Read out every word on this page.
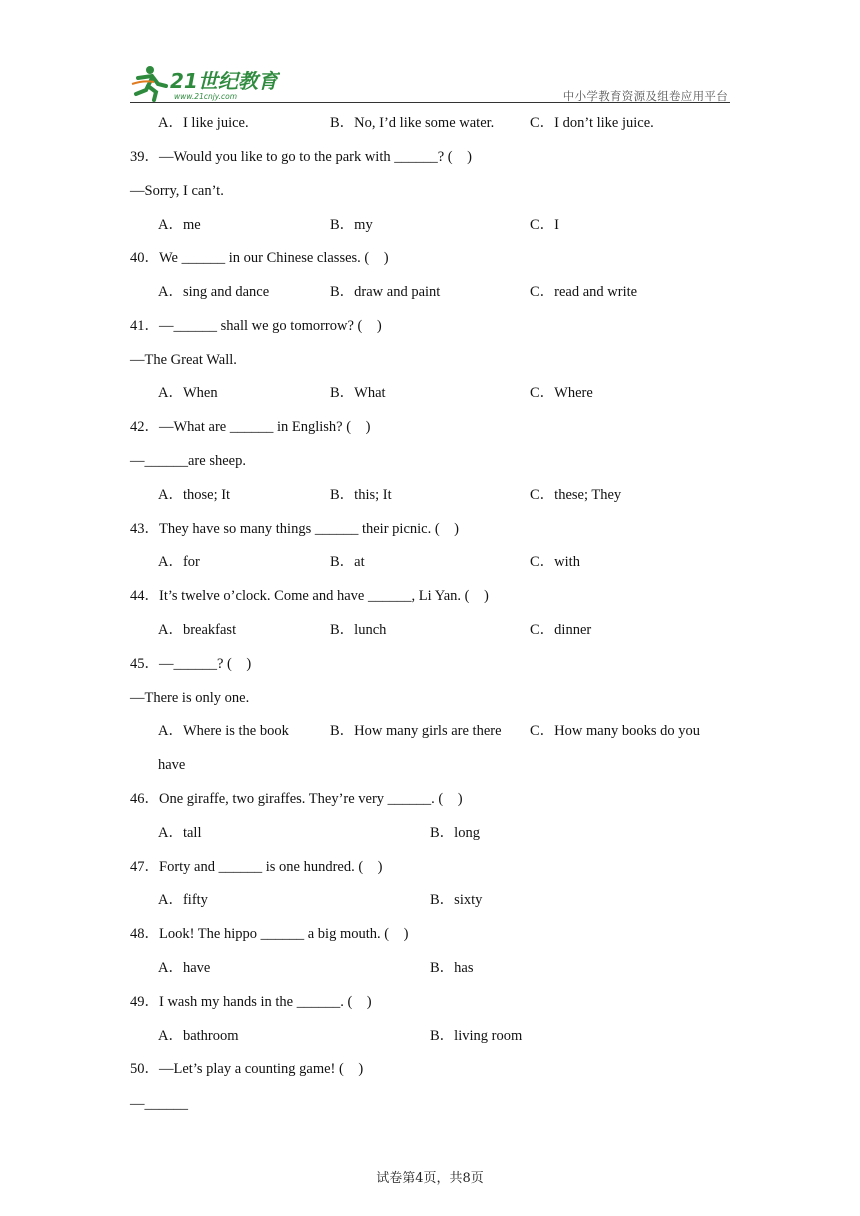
21世纪教育
www.21cnjy.com	中小学教育资源及组卷应用平台
A．I like juice.	B．No, I’d like some water. C．I don’t like juice.
39．—Would you like to go to the park with ______? (　)
—Sorry, I can’t.
A．me	B．my	C．I
40．We ______ in our Chinese classes. (　)
A．sing and dance	B．draw and paint	C．read and write
41．—______ shall we go tomorrow? (　)
—The Great Wall.
A．When	B．What	C．Where
42．—What are ______ in English? (　)
—______are sheep.
A．those; It	B．this; It	C．these; They
43．They have so many things ______ their picnic. (　)
A．for	B．at	C．with
44．It’s twelve o’clock. Come and have ______, Li Yan. (　)
A．breakfast	B．lunch	C．dinner
45．—______? (　)
—There is only one.
A．Where is the book	B．How many girls are there C．How many books do you
have
46．One giraffe, two giraffes. They’re very ______. (　)
A．tall	B．long
47．Forty and ______ is one hundred. (　)
A．fifty	B．sixty
48．Look! The hippo ______ a big mouth. (　)
A．have	B．has
49．I wash my hands in the ______. (　)
A．bathroom	B．living room
50．—Let’s play a counting game! (　)
—______
试卷第4页，共8页
